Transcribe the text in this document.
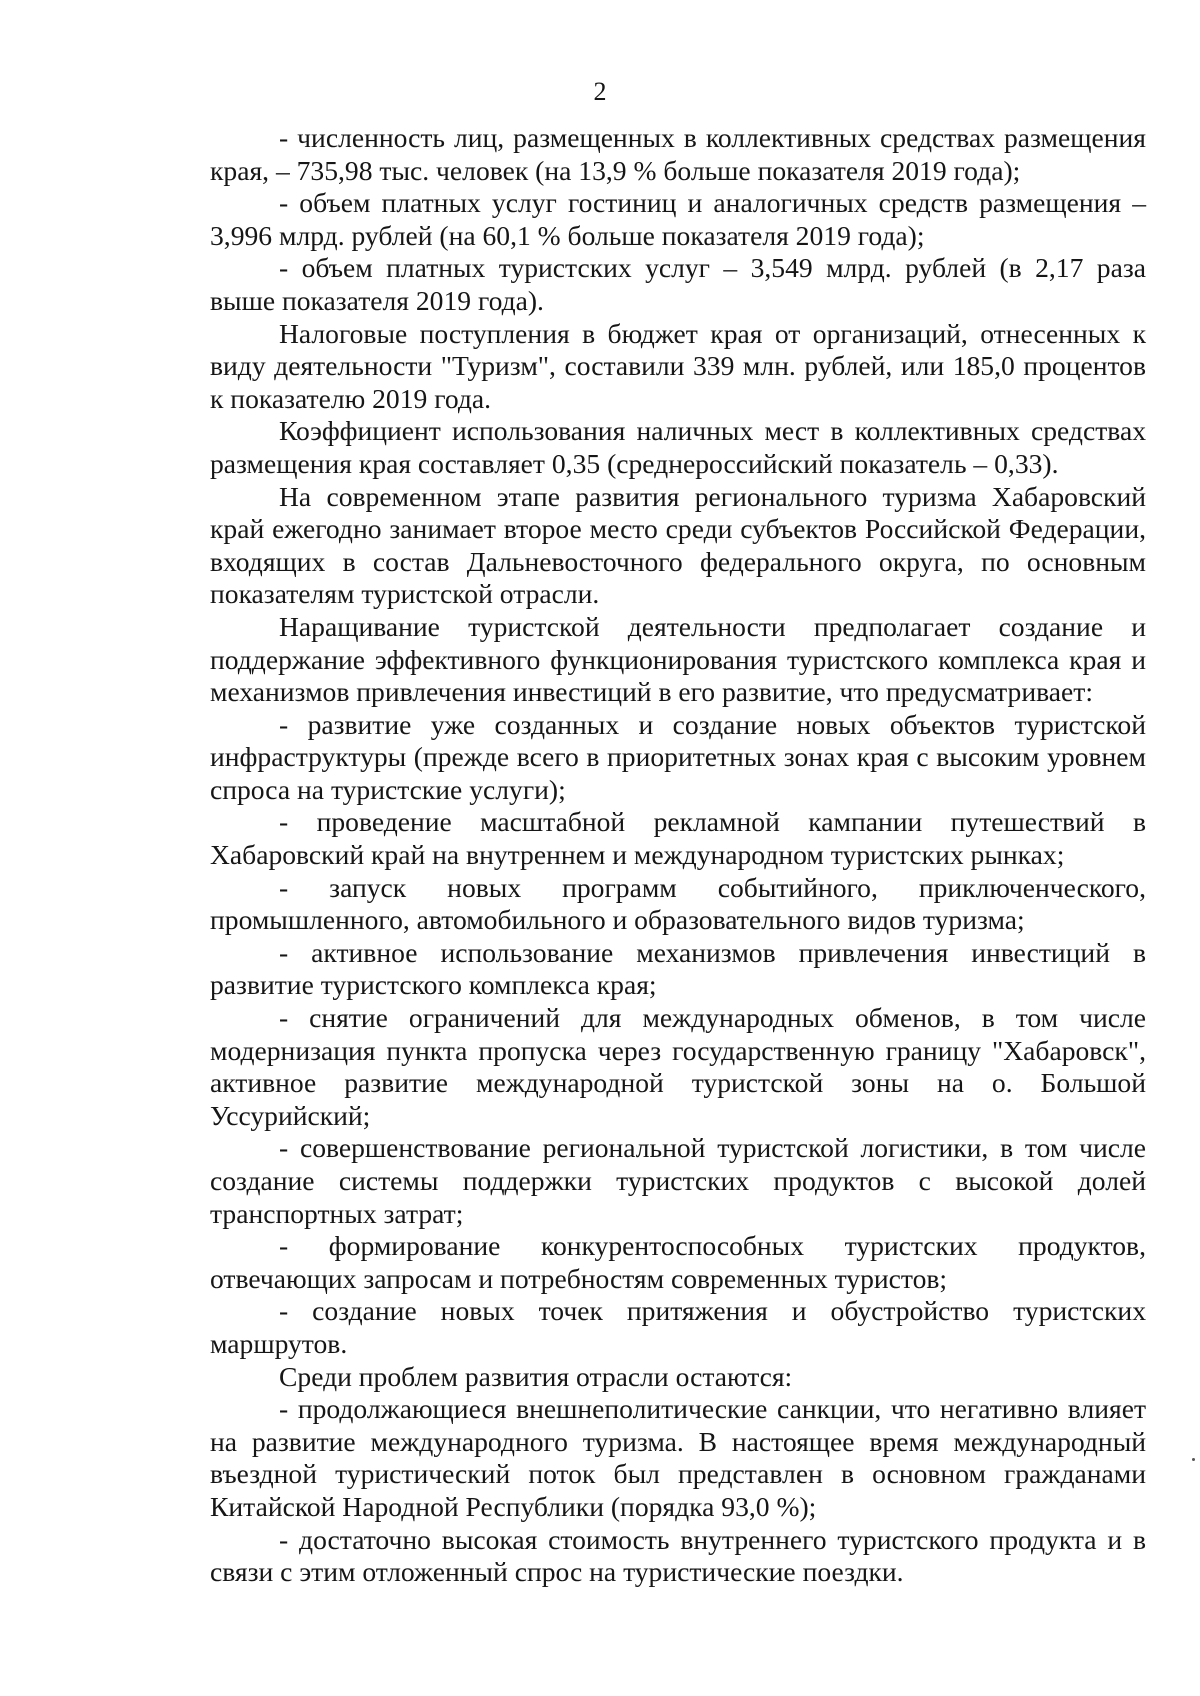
2

- численность лиц, размещенных в коллективных средствах размещения края, – 735,98 тыс. человек (на 13,9 % больше показателя 2019 года);

- объем платных услуг гостиниц и аналогичных средств размещения – 3,996 млрд. рублей (на 60,1 % больше показателя 2019 года);

- объем платных туристских услуг – 3,549 млрд. рублей (в 2,17 раза выше показателя 2019 года).

Налоговые поступления в бюджет края от организаций, отнесенных к виду деятельности "Туризм", составили 339 млн. рублей, или 185,0 процентов к показателю 2019 года.

Коэффициент использования наличных мест в коллективных средствах размещения края составляет 0,35 (среднероссийский показатель – 0,33).

На современном этапе развития регионального туризма Хабаровский край ежегодно занимает второе место среди субъектов Российской Федерации, входящих в состав Дальневосточного федерального округа, по основным показателям туристской отрасли.

Наращивание туристской деятельности предполагает создание и поддержание эффективного функционирования туристского комплекса края и механизмов привлечения инвестиций в его развитие, что предусматривает:

- развитие уже созданных и создание новых объектов туристской инфраструктуры (прежде всего в приоритетных зонах края с высоким уровнем спроса на туристские услуги);

- проведение масштабной рекламной кампании путешествий в Хабаровский край на внутреннем и международном туристских рынках;

- запуск новых программ событийного, приключенческого, промышленного, автомобильного и образовательного видов туризма;

- активное использование механизмов привлечения инвестиций в развитие туристского комплекса края;

- снятие ограничений для международных обменов, в том числе модернизация пункта пропуска через государственную границу "Хабаровск", активное развитие международной туристской зоны на о. Большой Уссурийский;

- совершенствование региональной туристской логистики, в том числе создание системы поддержки туристских продуктов с высокой долей транспортных затрат;

- формирование конкурентоспособных туристских продуктов, отвечающих запросам и потребностям современных туристов;

- создание новых точек притяжения и обустройство туристских маршрутов.

Среди проблем развития отрасли остаются:

- продолжающиеся внешнеполитические санкции, что негативно влияет на развитие международного туризма. В настоящее время международный въездной туристический поток был представлен в основном гражданами Китайской Народной Республики (порядка 93,0 %);

- достаточно высокая стоимость внутреннего туристского продукта и в связи с этим отложенный спрос на туристические поездки.
